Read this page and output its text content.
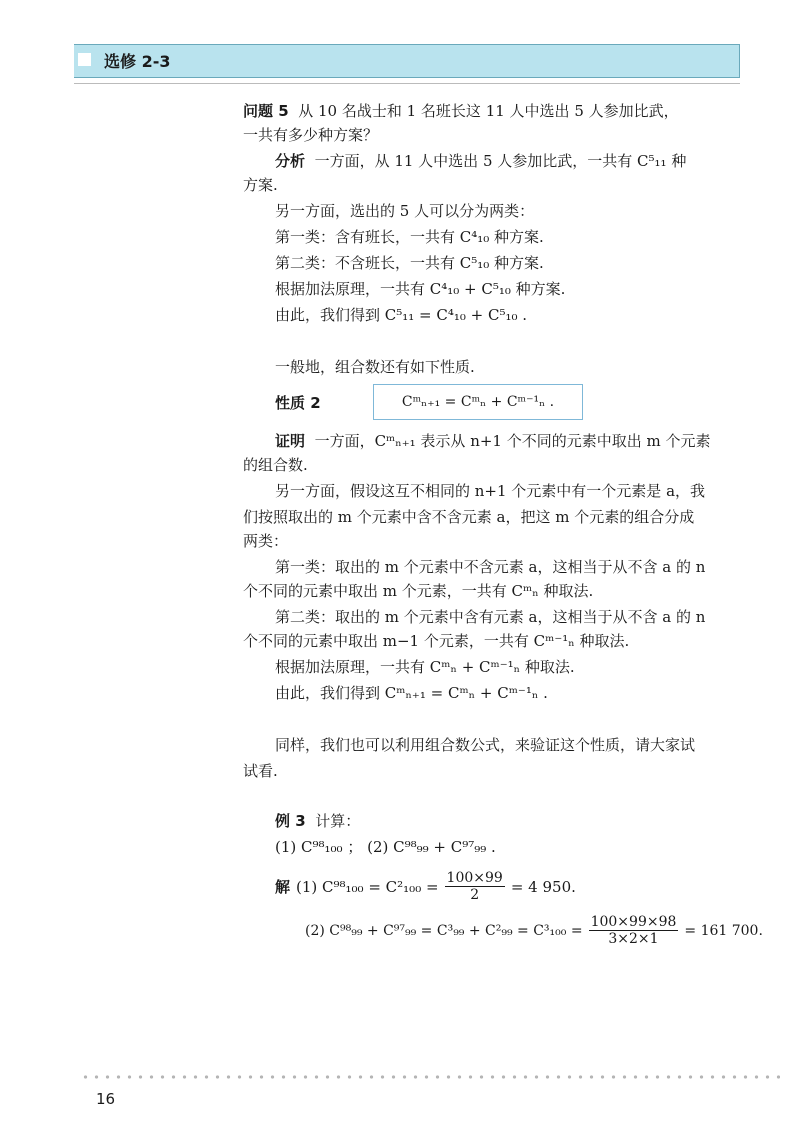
选修 2-3
问题 5 从 10 名战士和 1 名班长这 11 人中选出 5 人参加比武，
一共有多少种方案？
分析 一方面，从 11 人中选出 5 人参加比武，一共有 C⁵₁₁ 种
方案.
另一方面，选出的 5 人可以分为两类：
第一类：含有班长，一共有 C⁴₁₀ 种方案.
第二类：不含班长，一共有 C⁵₁₀ 种方案.
根据加法原理，一共有 C⁴₁₀ + C⁵₁₀ 种方案.
由此，我们得到 C⁵₁₁ = C⁴₁₀ + C⁵₁₀ .
一般地，组合数还有如下性质.
性质 2
证明 一方面，Cᵐₙ₊₁ 表示从 n+1 个不同的元素中取出 m 个元素
的组合数.
另一方面，假设这互不相同的 n+1 个元素中有一个元素是 a，我
们按照取出的 m 个元素中含不含元素 a，把这 m 个元素的组合分成
两类：
第一类：取出的 m 个元素中不含元素 a，这相当于从不含 a 的 n
个不同的元素中取出 m 个元素，一共有 Cᵐₙ 种取法.
第二类：取出的 m 个元素中含有元素 a，这相当于从不含 a 的 n
个不同的元素中取出 m−1 个元素，一共有 Cᵐ⁻¹ₙ 种取法.
根据加法原理，一共有 Cᵐₙ + Cᵐ⁻¹ₙ 种取法.
由此，我们得到 Cᵐₙ₊₁ = Cᵐₙ + Cᵐ⁻¹ₙ .
同样，我们也可以利用组合数公式，来验证这个性质，请大家试
试看.
例 3 计算：
(1) C⁹⁸₁₀₀ ； (2) C⁹⁸₉₉ + C⁹⁷₉₉ .
解 (1) $C^{98}_{100} = C^2_{100} = \frac{100\times 99}{2} = 4$ 950.
(2) $C^{98}_{99} + C^{97}_{99} = C^3_{99} + C^2_{99} = C^3_{100} = \frac{100\times 99\times 98}{3\times 2\times 1} = 161$ 700.
Cᵐₙ₊₁ = Cᵐₙ + Cᵐ⁻¹ₙ .
16
